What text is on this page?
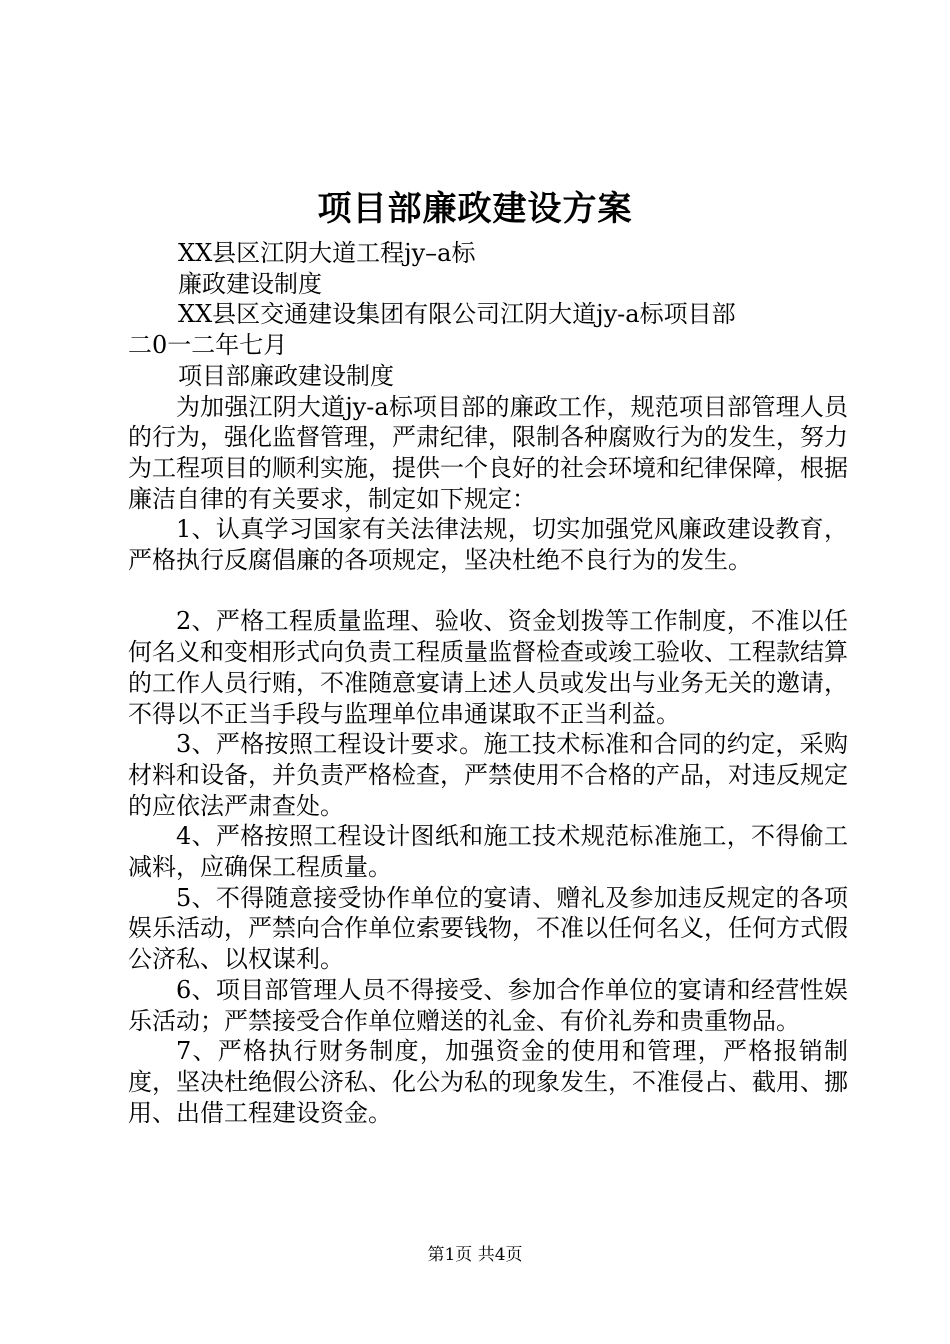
项目部廉政建设方案
XX县区江阴大道工程jy–a标
廉政建设制度
XX县区交通建设集团有限公司江阴大道jy-a标项目部
二0一二年七月
项目部廉政建设制度

为加强江阴大道jy-a标项目部的廉政工作，规范项目部管理人员的行为，强化监督管理，严肃纪律，限制各种腐败行为的发生，努力为工程项目的顺利实施，提供一个良好的社会环境和纪律保障，根据廉洁自律的有关要求，制定如下规定：

1、认真学习国家有关法律法规，切实加强党风廉政建设教育，严格执行反腐倡廉的各项规定，坚决杜绝不良行为的发生。

2、严格工程质量监理、验收、资金划拨等工作制度，不准以任何名义和变相形式向负责工程质量监督检查或竣工验收、工程款结算的工作人员行贿，不准随意宴请上述人员或发出与业务无关的邀请，不得以不正当手段与监理单位串通谋取不正当利益。

3、严格按照工程设计要求。施工技术标准和合同的约定，采购材料和设备，并负责严格检查，严禁使用不合格的产品，对违反规定的应依法严肃查处。

4、严格按照工程设计图纸和施工技术规范标准施工，不得偷工减料，应确保工程质量。

5、不得随意接受协作单位的宴请、赠礼及参加违反规定的各项娱乐活动，严禁向合作单位索要钱物，不准以任何名义，任何方式假公济私、以权谋利。

6、项目部管理人员不得接受、参加合作单位的宴请和经营性娱乐活动；严禁接受合作单位赠送的礼金、有价礼券和贵重物品。

7、严格执行财务制度，加强资金的使用和管理，严格报销制度，坚决杜绝假公济私、化公为私的现象发生，不准侵占、截用、挪用、出借工程建设资金。

第1页 共4页
